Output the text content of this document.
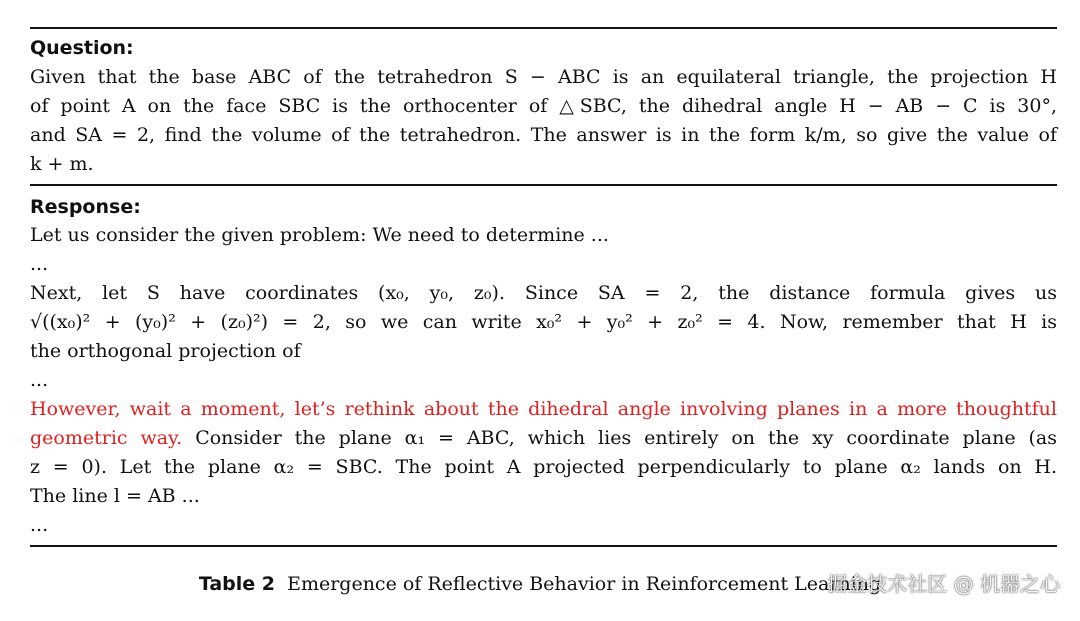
Question:
Given that the base ABC of the tetrahedron S − ABC is an equilateral triangle, the projection H
of point A on the face SBC is the orthocenter of △SBC, the dihedral angle H − AB − C is 30°,
and SA = 2, find the volume of the tetrahedron. The answer is in the form k/m, so give the value of
k + m.
Response:
Let us consider the given problem: We need to determine ...
...
Next, let S have coordinates (x₀, y₀, z₀). Since SA = 2, the distance formula gives us
√((x₀)² + (y₀)² + (z₀)²) = 2, so we can write x₀² + y₀² + z₀² = 4. Now, remember that H is
the orthogonal projection of
...
However, wait a moment, let’s rethink about the dihedral angle involving planes in a more thoughtful
geometric way. Consider the plane α₁ = ABC, which lies entirely on the xy coordinate plane (as
z = 0). Let the plane α₂ = SBC. The point A projected perpendicularly to plane α₂ lands on H.
The line l = AB ...
...
Table 2 Emergence of Reflective Behavior in Reinforcement Learning
掘金技术社区 @ 机器之心
